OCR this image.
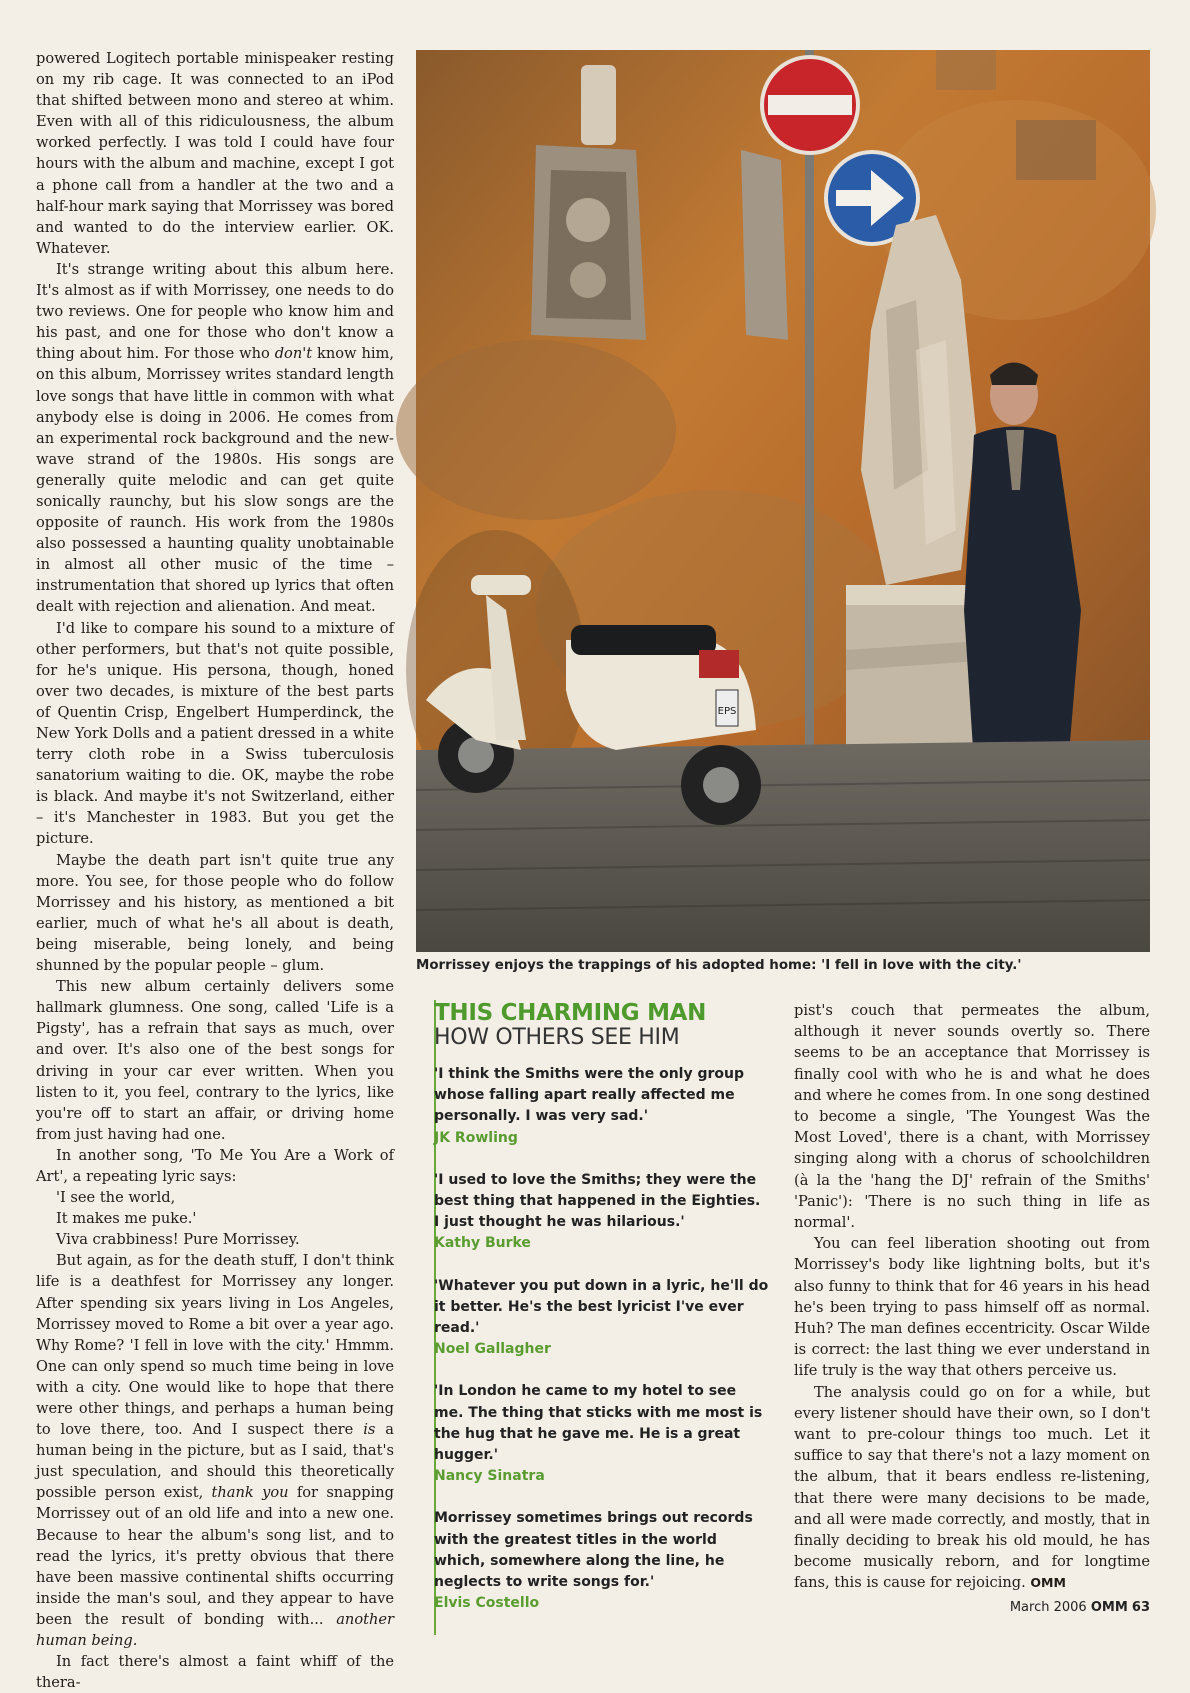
powered Logitech portable minispeaker resting on my rib cage. It was connected to an iPod that shifted between mono and stereo at whim. Even with all of this ridiculousness, the album worked perfectly. I was told I could have four hours with the album and machine, except I got a phone call from a handler at the two and a half-hour mark saying that Morrissey was bored and wanted to do the interview earlier. OK. Whatever.

It's strange writing about this album here. It's almost as if with Morrissey, one needs to do two reviews. One for people who know him and his past, and one for those who don't know a thing about him. For those who don't know him, on this album, Morrissey writes standard length love songs that have little in common with what anybody else is doing in 2006. He comes from an experimental rock background and the new-wave strand of the 1980s. His songs are generally quite melodic and can get quite sonically raunchy, but his slow songs are the opposite of raunch. His work from the 1980s also possessed a haunting quality unobtainable in almost all other music of the time – instrumentation that shored up lyrics that often dealt with rejection and alienation. And meat.

I'd like to compare his sound to a mixture of other performers, but that's not quite possible, for he's unique. His persona, though, honed over two decades, is mixture of the best parts of Quentin Crisp, Engelbert Humperdinck, the New York Dolls and a patient dressed in a white terry cloth robe in a Swiss tuberculosis sanatorium waiting to die. OK, maybe the robe is black. And maybe it's not Switzerland, either – it's Manchester in 1983. But you get the picture.

Maybe the death part isn't quite true any more. You see, for those people who do follow Morrissey and his history, as mentioned a bit earlier, much of what he's all about is death, being miserable, being lonely, and being shunned by the popular people – glum.

This new album certainly delivers some hallmark glumness. One song, called 'Life is a Pigsty', has a refrain that says as much, over and over. It's also one of the best songs for driving in your car ever written. When you listen to it, you feel, contrary to the lyrics, like you're off to start an affair, or driving home from just having had one.

In another song, 'To Me You Are a Work of Art', a repeating lyric says:

'I see the world,

It makes me puke.'

Viva crabbiness! Pure Morrissey.

But again, as for the death stuff, I don't think life is a deathfest for Morrissey any longer. After spending six years living in Los Angeles, Morrissey moved to Rome a bit over a year ago. Why Rome? 'I fell in love with the city.' Hmmm. One can only spend so much time being in love with a city. One would like to hope that there were other things, and perhaps a human being to love there, too. And I suspect there is a human being in the picture, but as I said, that's just speculation, and should this theoretically possible person exist, thank you for snapping Morrissey out of an old life and into a new one. Because to hear the album's song list, and to read the lyrics, it's pretty obvious that there have been massive continental shifts occurring inside the man's soul, and they appear to have been the result of bonding with... another human being.

In fact there's almost a faint whiff of the thera-

EPS
Morrissey enjoys the trappings of his adopted home: 'I fell in love with the city.'
THIS CHARMING MAN
HOW OTHERS SEE HIM
'I think the Smiths were the only group whose falling apart really affected me personally. I was very sad.'
JK Rowling
'I used to love the Smiths; they were the best thing that happened in the Eighties. I just thought he was hilarious.'
Kathy Burke
'Whatever you put down in a lyric, he'll do it better. He's the best lyricist I've ever read.'
Noel Gallagher
'In London he came to my hotel to see me. The thing that sticks with me most is the hug that he gave me. He is a great hugger.'
Nancy Sinatra
Morrissey sometimes brings out records with the greatest titles in the world which, somewhere along the line, he neglects to write songs for.'
Elvis Costello

pist's couch that permeates the album, although it never sounds overtly so. There seems to be an acceptance that Morrissey is finally cool with who he is and what he does and where he comes from. In one song destined to become a single, 'The Youngest Was the Most Loved', there is a chant, with Morrissey singing along with a chorus of schoolchildren (à la the 'hang the DJ' refrain of the Smiths' 'Panic'): 'There is no such thing in life as normal'.

You can feel liberation shooting out from Morrissey's body like lightning bolts, but it's also funny to think that for 46 years in his head he's been trying to pass himself off as normal. Huh? The man defines eccentricity. Oscar Wilde is correct: the last thing we ever understand in life truly is the way that others perceive us.

The analysis could go on for a while, but every listener should have their own, so I don't want to pre-colour things too much. Let it suffice to say that there's not a lazy moment on the album, that it bears endless re-listening, that there were many decisions to be made, and all were made correctly, and mostly, that in finally deciding to break his old mould, he has become musically reborn, and for longtime fans, this is cause for rejoicing. OMM

March 2006 OMM 63
